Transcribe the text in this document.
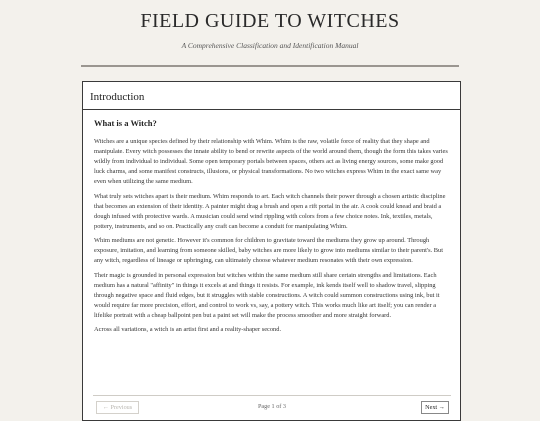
FIELD GUIDE TO WITCHES
A Comprehensive Classification and Identification Manual
Introduction
What is a Witch?

Witches are a unique species defined by their relationship with Whim. Whim is the raw, volatile force of reality that they shape and manipulate. Every witch possesses the innate ability to bend or rewrite aspects of the world around them, though the form this takes varies wildly from individual to individual. Some open temporary portals between spaces, others act as living energy sources, some make good luck charms, and some manifest constructs, illusions, or physical transformations. No two witches express Whim in the exact same way even when utilizing the same medium.

What truly sets witches apart is their medium. Whim responds to art. Each witch channels their power through a chosen artistic discipline that becomes an extension of their identity. A painter might drag a brush and open a rift portal in the air. A cook could knead and braid a dough infused with protective wards. A musician could send wind rippling with colors from a few choice notes. Ink, textiles, metals, pottery, instruments, and so on. Practically any craft can become a conduit for manipulating Whim.

Whim mediums are not genetic. However it's common for children to gravitate toward the mediums they grow up around. Through exposure, imitation, and learning from someone skilled, baby witches are more likely to grow into mediums similar to their parent's. But any witch, regardless of lineage or upbringing, can ultimately choose whatever medium resonates with their own expression.

Their magic is grounded in personal expression but witches within the same medium still share certain strengths and limitations. Each medium has a natural "affinity" in things it excels at and things it resists. For example, ink kends itself well to shadow travel, slipping through negative space and fluid edges, but it struggles with stable constructions. A witch could summon constructions using ink, but it would require far more precision, effort, and control to work vs, say, a pottery witch. This works much like art itself; you can render a lifelike portrait with a cheap ballpoint pen but a paint set will make the process smoother and more straight forward.

Across all variations, a witch is an artist first and a reality-shaper second.

← Previous	Page 1 of 3	Next →
